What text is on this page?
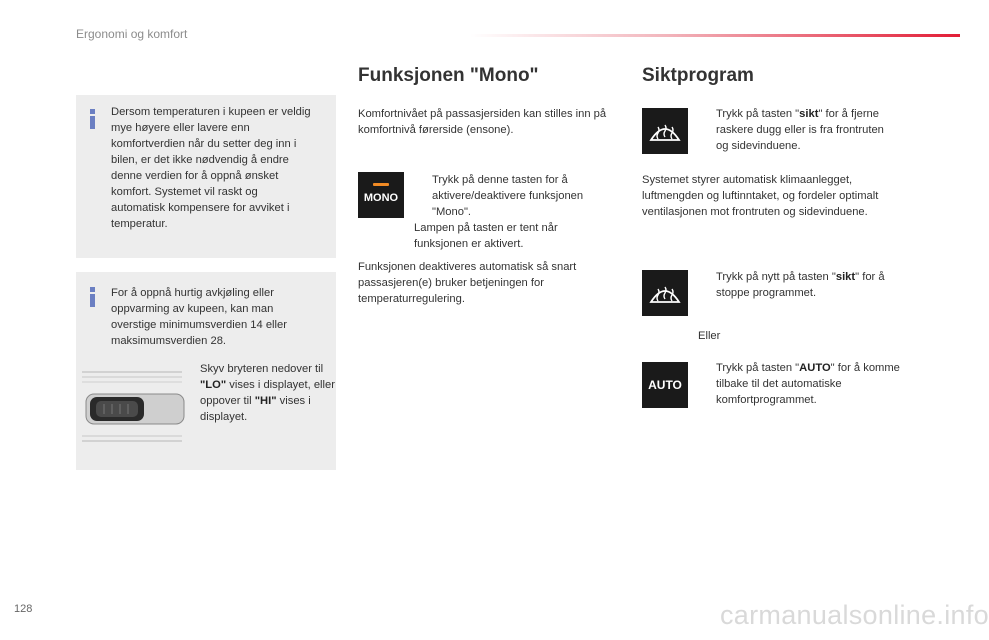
Ergonomi og komfort
Dersom temperaturen i kupeen er veldig mye høyere eller lavere enn komfortverdien når du setter deg inn i bilen, er det ikke nødvendig å endre denne verdien for å oppnå ønsket komfort. Systemet vil raskt og automatisk kompensere for avviket i temperatur.
For å oppnå hurtig avkjøling eller oppvarming av kupeen, kan man overstige minimumsverdien 14 eller maksimumsverdien 28.
Skyv bryteren nedover til "LO" vises i displayet, eller oppover til "HI" vises i displayet.
Funksjonen "Mono"
Komfortnivået på passasjersiden kan stilles inn på komfortnivå førerside (ensone).
MONO
Trykk på denne tasten for å aktivere/deaktivere funksjonen "Mono".
Lampen på tasten er tent når funksjonen er aktivert.
Funksjonen deaktiveres automatisk så snart passasjeren(e) bruker betjeningen for temperaturregulering.
Siktprogram
Trykk på tasten "sikt" for å fjerne raskere dugg eller is fra frontruten og sidevinduene.
Systemet styrer automatisk klimaanlegget, luftmengden og luftinntaket, og fordeler optimalt ventilasjonen mot frontruten og sidevinduene.
Trykk på nytt på tasten "sikt" for å stoppe programmet.
Eller
AUTO
Trykk på tasten "AUTO" for å komme tilbake til det automatiske komfortprogrammet.
128	carmanualsonline.info
